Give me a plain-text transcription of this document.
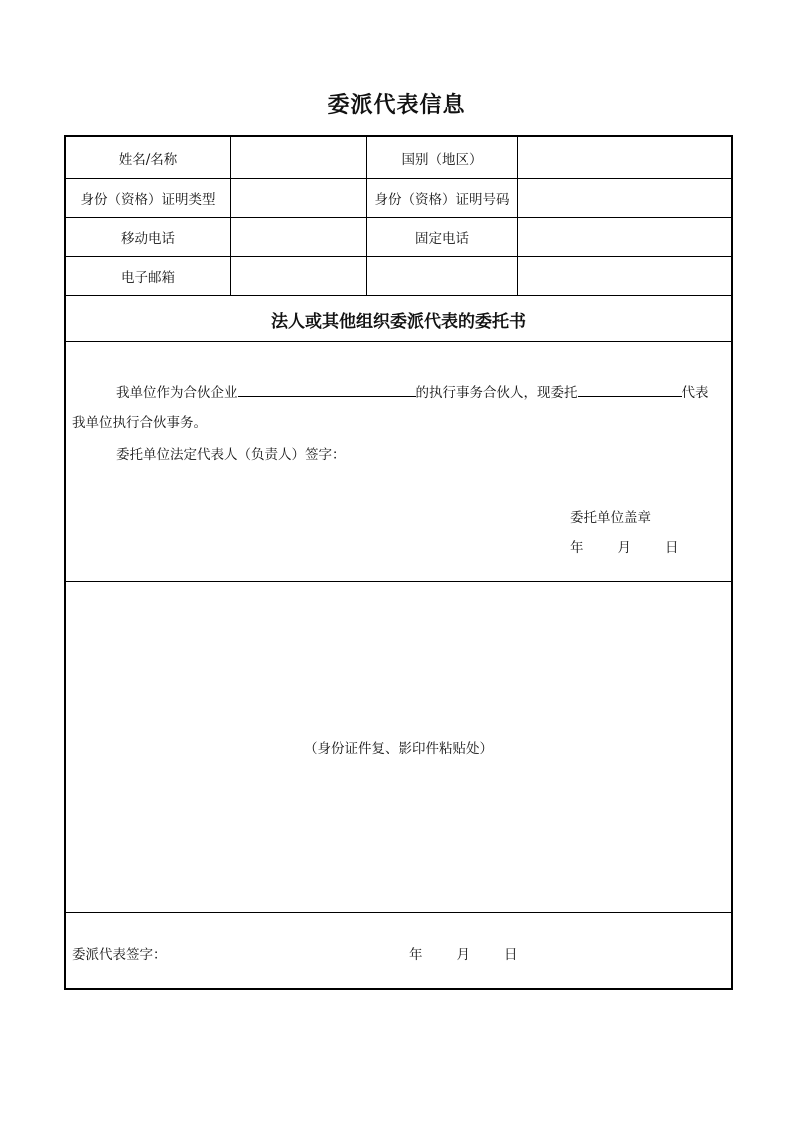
委派代表信息
姓名/名称	国别（地区）
身份（资格）证明类型	身份（资格）证明号码
移动电话	固定电话
电子邮箱
法人或其他组织委派代表的委托书
我单位作为合伙企业	的执行事务合伙人，现委托	代表
我单位执行合伙事务。
委托单位法定代表人（负责人）签字：
委托单位盖章
年	月	日
（身份证件复、影印件粘贴处）
委派代表签字：	年	月	日
